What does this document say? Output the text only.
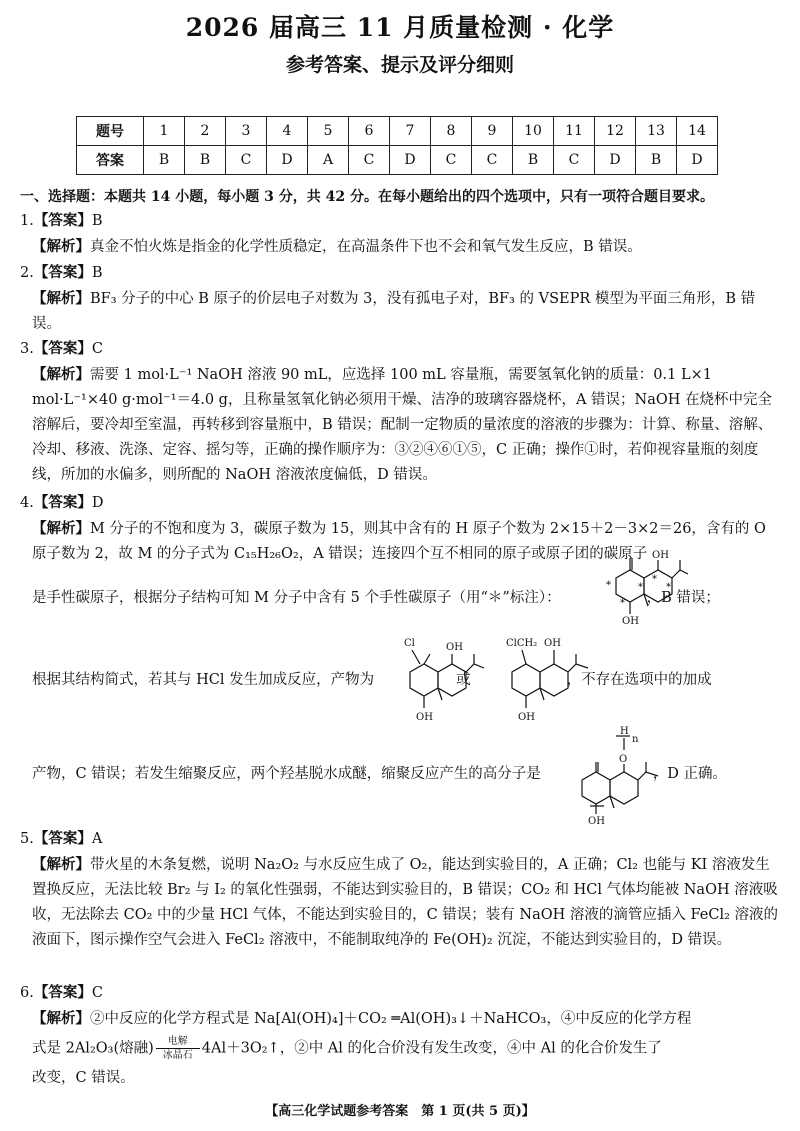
2026 届高三 11 月质量检测 · 化学
参考答案、提示及评分细则
题号	1	2	3	4	5	6	7	8	9	10	11	12	13	14
答案	B	B	C	D	A	C	D	C	C	B	C	D	B	D
一、选择题：本题共 14 小题，每小题 3 分，共 42 分。在每小题给出的四个选项中，只有一项符合题目要求。
1.【答案】B
【解析】真金不怕火炼是指金的化学性质稳定，在高温条件下也不会和氧气发生反应，B 错误。
2.【答案】B
【解析】BF₃ 分子的中心 B 原子的价层电子对数为 3，没有孤电子对，BF₃ 的 VSEPR 模型为平面三角形，B 错误。
3.【答案】C
【解析】需要 1 mol·L⁻¹ NaOH 溶液 90 mL，应选择 100 mL 容量瓶，需要氢氧化钠的质量：0.1 L×1 mol·L⁻¹×40 g·mol⁻¹＝4.0 g，且称量氢氧化钠必须用干燥、洁净的玻璃容器烧杯，A 错误；NaOH 在烧杯中完全溶解后，要冷却至室温，再转移到容量瓶中，B 错误；配制一定物质的量浓度的溶液的步骤为：计算、称量、溶解、冷却、移液、洗涤、定容、摇匀等，正确的操作顺序为：③②④⑥①⑤，C 正确；操作①时，若仰视容量瓶的刻度线，所加的水偏多，则所配的 NaOH 溶液浓度偏低，D 错误。
4.【答案】D
【解析】M 分子的不饱和度为 3，碳原子数为 15，则其中含有的 H 原子个数为 2×15＋2－3×2＝26，含有的 O 原子数为 2，故 M 的分子式为 C₁₅H₂₆O₂，A 错误；连接四个互不相同的原子或原子团的碳原子
是手性碳原子，根据分子结构可知 M 分子中含有 5 个手性碳原子（用“＊”标注）：	，B 错误；
OH
OH
*	*
*
*
*
根据其结构简式，若其与 HCl 发生加成反应，产物为	或	，不存在选项中的加成
Cl	OH
OH
ClCH₂ OH
OH
产物，C 错误；若发生缩聚反应，两个羟基脱水成醚，缩聚反应产生的高分子是	，D 正确。
H
n
O
OH
5.【答案】A
【解析】带火星的木条复燃，说明 Na₂O₂ 与水反应生成了 O₂，能达到实验目的，A 正确；Cl₂ 也能与 KI 溶液发生置换反应，无法比较 Br₂ 与 I₂ 的氧化性强弱，不能达到实验目的，B 错误；CO₂ 和 HCl 气体均能被 NaOH 溶液吸收，无法除去 CO₂ 中的少量 HCl 气体，不能达到实验目的，C 错误；装有 NaOH 溶液的滴管应插入 FeCl₂ 溶液的液面下，图示操作空气会进入 FeCl₂ 溶液中，不能制取纯净的 Fe(OH)₂ 沉淀，不能达到实验目的，D 错误。
6.【答案】C
【解析】②中反应的化学方程式是 Na[Al(OH)₄]＋CO₂ ═Al(OH)₃↓＋NaHCO₃，④中反应的化学方程
式是 2Al₂O₃(熔融) 电解
冰晶石 4Al＋3O₂↑，②中 Al 的化合价没有发生改变，④中 Al 的化合价发生了
改变，C 错误。
【高三化学试题参考答案　第 1 页(共 5 页)】
